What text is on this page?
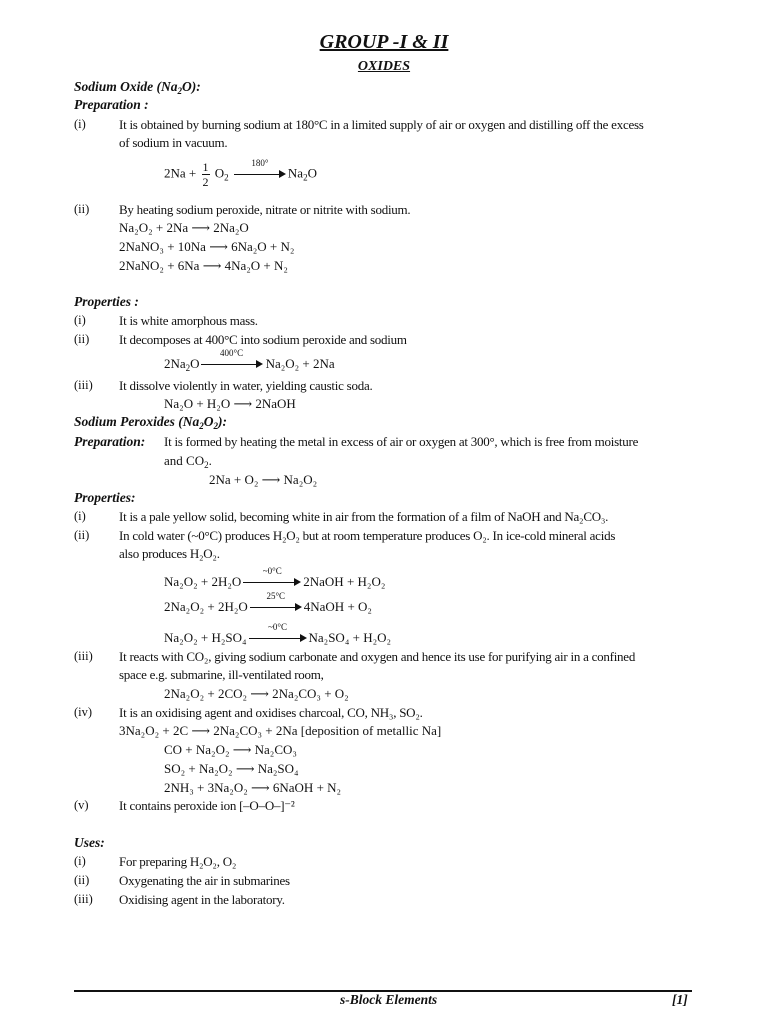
GROUP -I & II
OXIDES
Sodium Oxide $(Na_2O)$:
Preparation :
(i)	It is obtained by burning sodium at 180°C in a limited supply of air or oxygen and distilling off the excess
of sodium in vacuum.
$2Na + \frac{1}{2} O_2$
180°
$Na_2O$
(ii) By heating sodium peroxide, nitrate or nitrite with sodium.
Na₂O₂ + 2Na ⟶ 2Na₂O
2NaNO₃ + 10Na ⟶ 6Na₂O + N₂
2NaNO₂ + 6Na ⟶ 4Na₂O + N₂
Properties :
(i)	It is white amorphous mass.
(ii) It decomposes at 400°C into sodium peroxide and sodium
$2Na_2O$
400°C
Na₂O₂ + 2Na
(iii) It dissolve violently in water, yielding caustic soda.
Na₂O + H₂O ⟶ 2NaOH
Sodium Peroxides $(Na_2O_2)$:
Preparation: It is formed by heating the metal in excess of air or oxygen at 300°, which is free from moisture
and $CO_2$.
2Na + O₂ ⟶ Na₂O₂
Properties:
(i)	It is a pale yellow solid, becoming white in air from the formation of a film of NaOH and Na₂CO₃.
(ii) In cold water (~0°C) produces H₂O₂ but at room temperature produces O₂. In ice-cold mineral acids
also produces H₂O₂.
Na₂O₂ + 2H₂O
~0°C
2NaOH + H₂O₂
2Na₂O₂ + 2H₂O
25°C
4NaOH + O₂
Na₂O₂ + H₂SO₄
~0°C
Na₂SO₄ + H₂O₂
(iii) It reacts with CO₂, giving sodium carbonate and oxygen and hence its use for purifying air in a confined
space e.g. submarine, ill-ventilated room,
2Na₂O₂ + 2CO₂ ⟶ 2Na₂CO₃ + O₂
(iv) It is an oxidising agent and oxidises charcoal, CO, NH₃, SO₂.
3Na₂O₂ + 2C ⟶ 2Na₂CO₃ + 2Na [deposition of metallic Na]
CO + Na₂O₂ ⟶ Na₂CO₃
SO₂ + Na₂O₂ ⟶ Na₂SO₄
2NH₃ + 3Na₂O₂ ⟶ 6NaOH + N₂
(v) It contains peroxide ion [–O–O–]⁻²
Uses:
(i)	For preparing H₂O₂, O₂
(ii) Oxygenating the air in submarines
(iii) Oxidising agent in the laboratory.
s-Block Elements	[1]
